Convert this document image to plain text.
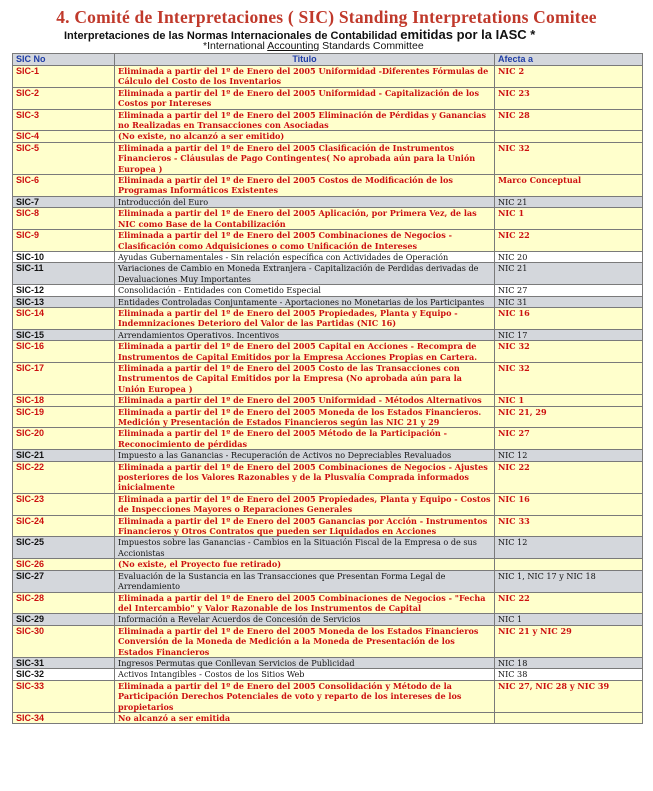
4. Comité de Interpretaciones ( SIC) Standing Interpretations Comitee
Interpretaciones de las Normas Internacionales de Contabilidad emitidas por la IASC *
*International Accounting Standards Committee
SIC No	Titulo	Afecta a
SIC-1	Eliminada a partir del 1º de Enero del 2005 Uniformidad -Diferentes Fórmulas de Cálculo del Costo de los Inventarios	NIC 2
SIC-2	Eliminada a partir del 1º de Enero del 2005 Uniformidad - Capitalización de los Costos por Intereses	NIC 23
SIC-3	Eliminada a partir del 1º de Enero del 2005 Eliminación de Pérdidas y Ganancias no Realizadas en Transacciones con Asociadas	NIC 28
SIC-4	(No existe, no alcanzó a ser emitido)	
SIC-5	Eliminada a partir del 1º de Enero del 2005 Clasificación de Instrumentos Financieros - Cláusulas de Pago Contingentes( No aprobada aún para la Unión Europea )	NIC 32
SIC-6	Eliminada a partir del 1º de Enero del 2005 Costos de Modificación de los Programas Informáticos Existentes	Marco Conceptual
SIC-7	Introducción del Euro	NIC 21
SIC-8	Eliminada a partir del 1º de Enero del 2005 Aplicación, por Primera Vez, de las NIC como Base de la Contabilización	NIC 1
SIC-9	Eliminada a partir del 1º de Enero del 2005 Combinaciones de Negocios - Clasificación como Adquisiciones o como Unificación de Intereses	NIC 22
SIC-10	Ayudas Gubernamentales - Sin relación específica con Actividades de Operación	NIC 20
SIC-11	Variaciones de Cambio en Moneda Extranjera - Capitalización de Perdidas derivadas de Devaluaciones Muy Importantes	NIC 21
SIC-12	Consolidación - Entidades con Cometido Especial	NIC 27
SIC-13	Entidades Controladas Conjuntamente - Aportaciones no Monetarias de los Participantes	NIC 31
SIC-14	Eliminada a partir del 1º de Enero del 2005 Propiedades, Planta y Equipo - Indemnizaciones Deterioro del Valor de las Partidas (NIC 16)	NIC 16
SIC-15	Arrendamientos Operativos. Incentivos	NIC 17
SIC-16	Eliminada a partir del 1º de Enero del 2005 Capital en Acciones - Recompra de Instrumentos de Capital Emitidos por la Empresa Acciones Propias en Cartera.	NIC 32
SIC-17	Eliminada a partir del 1º de Enero del 2005 Costo de las Transacciones con Instrumentos de Capital Emitidos por la Empresa (No aprobada aún para la Unión Europea )	NIC 32
SIC-18	Eliminada a partir del 1º de Enero del 2005 Uniformidad - Métodos Alternativos	NIC 1
SIC-19	Eliminada a partir del 1º de Enero del 2005 Moneda de los Estados Financieros. Medición y Presentación de Estados Financieros según las NIC 21 y 29	NIC 21, 29
SIC-20	Eliminada a partir del 1º de Enero del 2005 Método de la Participación - Reconocimiento de pérdidas	NIC 27
SIC-21	Impuesto a las Ganancias - Recuperación de Activos no Depreciables Revaluados	NIC 12
SIC-22	Eliminada a partir del 1º de Enero del 2005 Combinaciones de Negocios - Ajustes posteriores de los Valores Razonables y de la Plusvalía Comprada informados inicialmente	NIC 22
SIC-23	Eliminada a partir del 1º de Enero del 2005 Propiedades, Planta y Equipo - Costos de Inspecciones Mayores o Reparaciones Generales	NIC 16
SIC-24	Eliminada a partir del 1º de Enero del 2005 Ganancias por Acción - Instrumentos Financieros y Otros Contratos que pueden ser Liquidados en Acciones	NIC 33
SIC-25	Impuestos sobre las Ganancias - Cambios en la Situación Fiscal de la Empresa o de sus Accionistas	NIC 12
SIC-26	(No existe, el Proyecto fue retirado)	
SIC-27	Evaluación de la Sustancia en las Transacciones que Presentan Forma Legal de Arrendamiento	NIC 1, NIC 17 y NIC 18
SIC-28	Eliminada a partir del 1º de Enero del 2005 Combinaciones de Negocios - "Fecha del Intercambio" y Valor Razonable de los Instrumentos de Capital	NIC 22
SIC-29	Información a Revelar Acuerdos de Concesión de Servicios	NIC 1
SIC-30	Eliminada a partir del 1º de Enero del 2005 Moneda de los Estados Financieros Conversión de la Moneda de Medición a la Moneda de Presentación de los Estados Financieros	NIC 21 y NIC 29
SIC-31	Ingresos Permutas que Conllevan Servicios de Publicidad	NIC 18
SIC-32	Activos Intangibles - Costos de los Sitios Web	NIC 38
SIC-33	Eliminada a partir del 1º de Enero del 2005 Consolidación y Método de la Participación Derechos Potenciales de voto y reparto de los intereses de los propietarios	NIC 27, NIC 28 y NIC 39
SIC-34	No alcanzó a ser emitida	
